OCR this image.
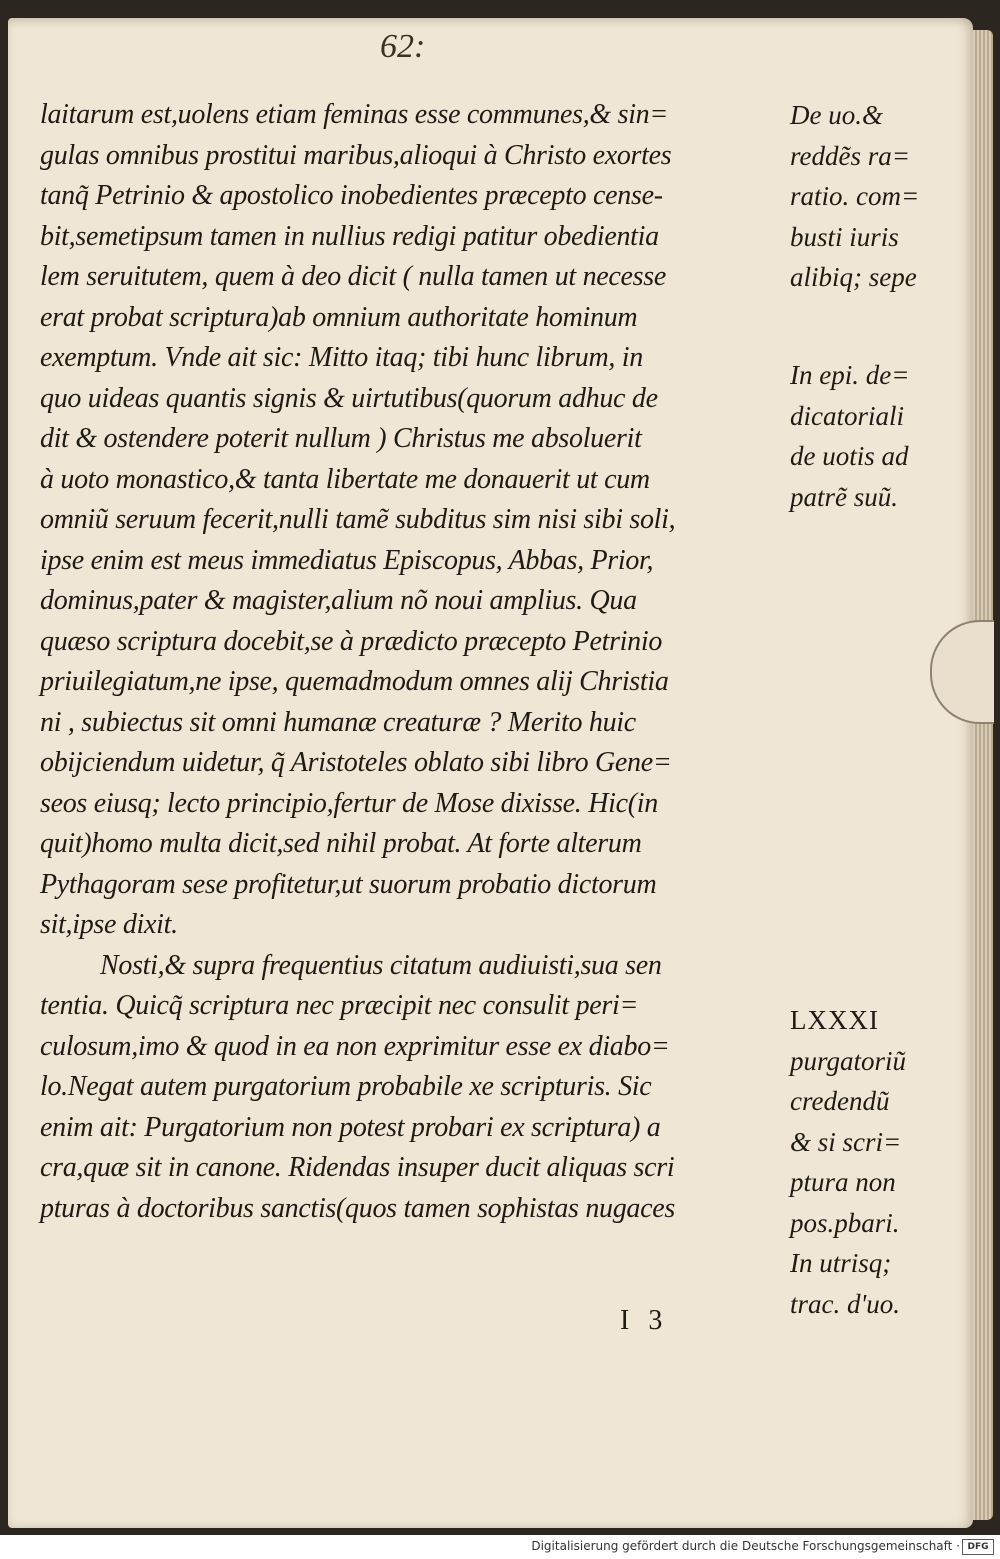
62:
laitarum est,uolens etiam feminas esse communes,& sin=
gulas omnibus prostitui maribus,alioqui à Christo exortes
tanq̃ Petrinio & apostolico inobedientes præcepto cense-
bit,semetipsum tamen in nullius redigi patitur obedientia
lem seruitutem, quem à deo dicit ( nulla tamen ut necesse
erat probat scriptura)ab omnium authoritate hominum
exemptum. Vnde ait sic: Mitto itaq; tibi hunc librum, in
quo uideas quantis signis & uirtutibus(quorum adhuc de
dit & ostendere poterit nullum ) Christus me absoluerit
à uoto monastico,& tanta libertate me donauerit ut cum
omniũ seruum fecerit,nulli tamẽ subditus sim nisi sibi soli,
ipse enim est meus immediatus Episcopus, Abbas, Prior,
dominus,pater & magister,alium nõ noui amplius. Qua
quæso scriptura docebit,se à prædicto præcepto Petrinio
priuilegiatum,ne ipse, quemadmodum omnes alij Christia
ni , subiectus sit omni humanæ creaturæ ? Merito huic
obijciendum uidetur, q̃ Aristoteles oblato sibi libro Gene=
seos eiusq; lecto principio,fertur de Mose dixisse. Hic(in
quit)homo multa dicit,sed nihil probat. At forte alterum
Pythagoram sese profitetur,ut suorum probatio dictorum
sit,ipse dixit.
Nosti,& supra frequentius citatum audiuisti,sua sen
tentia. Quicq̃ scriptura nec præcipit nec consulit peri=
culosum,imo & quod in ea non exprimitur esse ex diabo=
lo.Negat autem purgatorium probabile xe scripturis. Sic
enim ait: Purgatorium non potest probari ex scriptura) a
cra,quæ sit in canone. Ridendas insuper ducit aliquas scri
pturas à doctoribus sanctis(quos tamen sophistas nugaces
De uo.&
reddẽs ra=
ratio. com=
busti iuris
alibiq; sepe
In epi. de=
dicatoriali
de uotis ad
patrẽ suũ.
LXXXI
purgatoriũ
credendũ
& si scri=
ptura non
pos.pbari.
In utrisq;
trac. d'uo.
I 3
Digitalisierung gefördert durch die Deutsche Forschungsgemeinschaft · DFG
